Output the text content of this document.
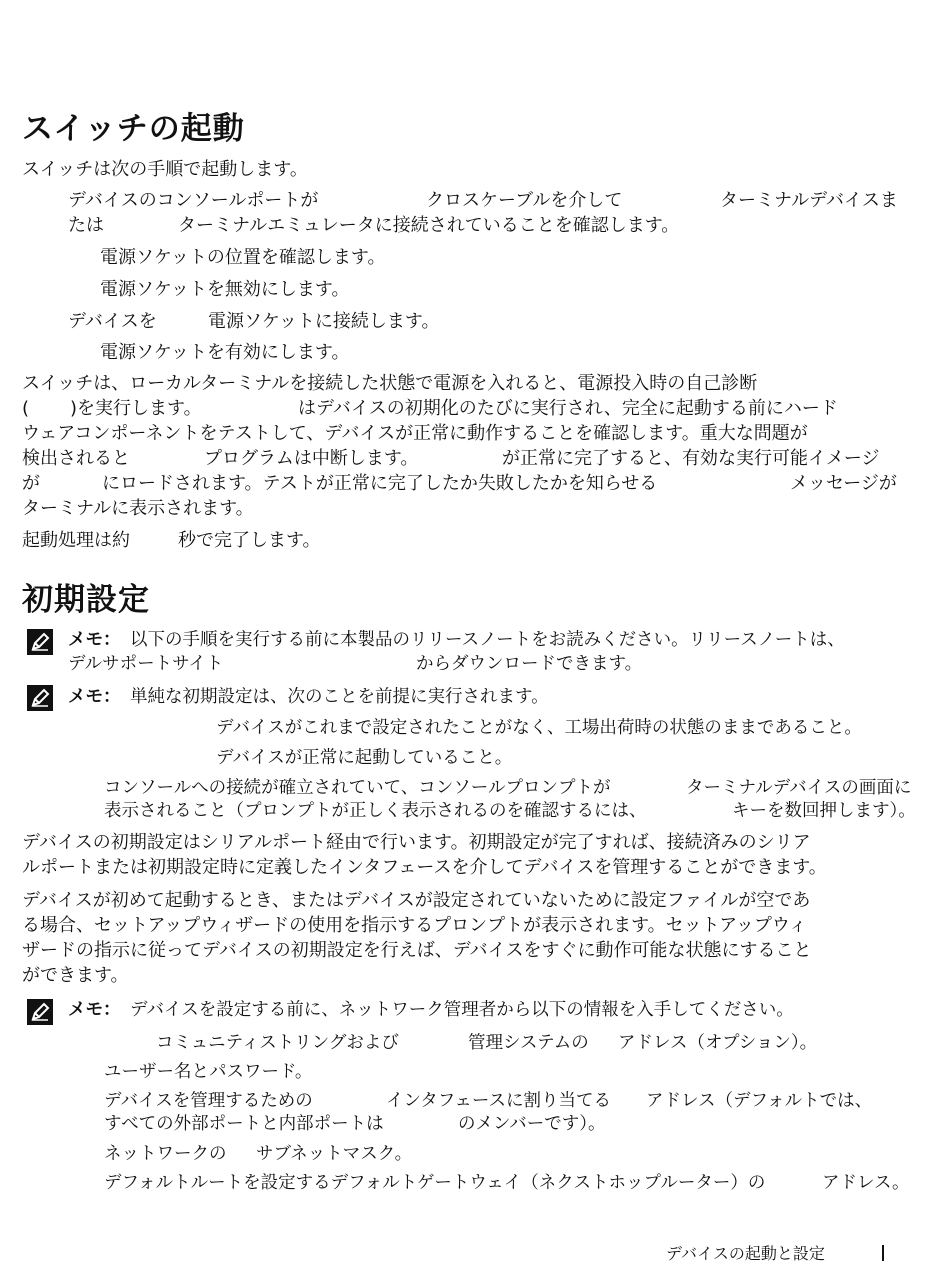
スイッチの起動

スイッチは次の手順で起動します。

デバイスのコンソールポートが	クロスケーブルを介して	ターミナルデバイスま

たは	ターミナルエミュレータに接続されていることを確認します。

電源ソケットの位置を確認します。

電源ソケットを無効にします。

デバイスを	電源ソケットに接続します。

電源ソケットを有効にします。

スイッチは、ローカルターミナルを接続した状態で電源を入れると、電源投入時の自己診断

( )を実行します。	はデバイスの初期化のたびに実行され、完全に起動する前にハード

ウェアコンポーネントをテストして、デバイスが正常に動作することを確認します。重大な問題が

検出されると	プログラムは中断します。	が正常に完了すると、有効な実行可能イメージ

が	にロードされます。テストが正常に完了したか失敗したかを知らせる	メッセージが

ターミナルに表示されます。

起動処理は約	秒で完了します。

初期設定

メモ： 以下の手順を実行する前に本製品のリリースノートをお読みください。リリースノートは、

デルサポートサイト	からダウンロードできます。

メモ： 単純な初期設定は、次のことを前提に実行されます。

デバイスがこれまで設定されたことがなく、工場出荷時の状態のままであること。

デバイスが正常に起動していること。

コンソールへの接続が確立されていて、コンソールプロンプトが	ターミナルデバイスの画面に

表示されること（プロンプトが正しく表示されるのを確認するには、	キーを数回押します）。

デバイスの初期設定はシリアルポート経由で行います。初期設定が完了すれば、接続済みのシリア

ルポートまたは初期設定時に定義したインタフェースを介してデバイスを管理することができます。

デバイスが初めて起動するとき、またはデバイスが設定されていないために設定ファイルが空であ

る場合、セットアップウィザードの使用を指示するプロンプトが表示されます。セットアップウィ

ザードの指示に従ってデバイスの初期設定を行えば、デバイスをすぐに動作可能な状態にすること

ができます。

メモ： デバイスを設定する前に、ネットワーク管理者から以下の情報を入手してください。

コミュニティストリングおよび	管理システムの アドレス（オプション）。

ユーザー名とパスワード。

デバイスを管理するための	インタフェースに割り当てる アドレス（デフォルトでは、

すべての外部ポートと内部ポートは	のメンバーです）。

ネットワークの サブネットマスク。

デフォルトルートを設定するデフォルトゲートウェイ（ネクストホップルーター）の	アドレス。

デバイスの起動と設定
